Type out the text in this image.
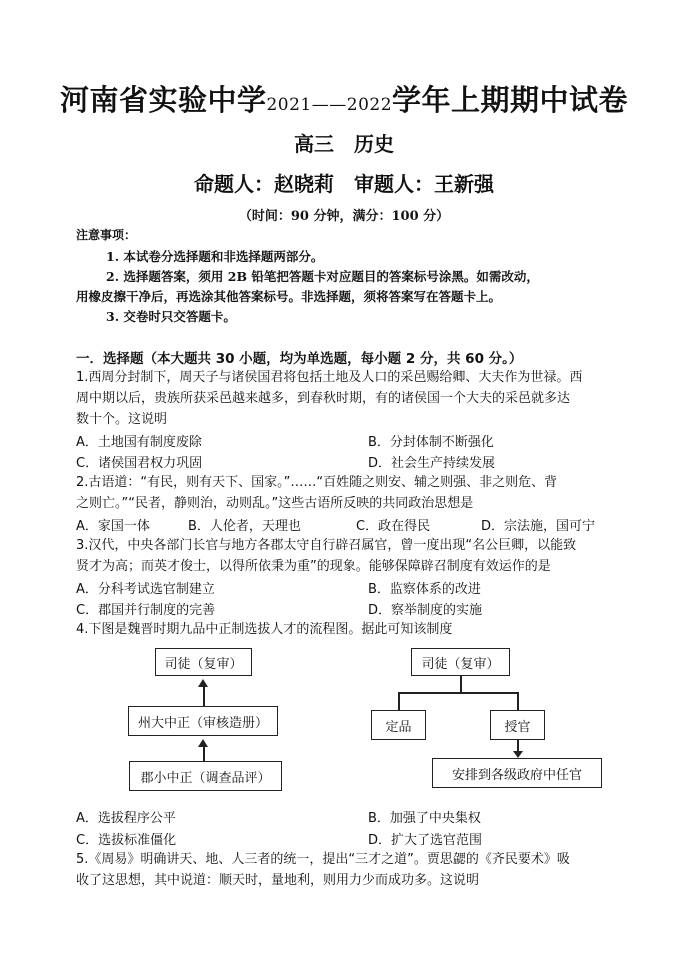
河南省实验中学2021——2022学年上期期中试卷
高三　历史
命题人：赵晓莉　审题人：王新强
（时间：90 分钟，满分：100 分）
注意事项：
1. 本试卷分选择题和非选择题两部分。
2. 选择题答案，须用 2B 铅笔把答题卡对应题目的答案标号涂黑。如需改动，
用橡皮擦干净后，再选涂其他答案标号。非选择题，须将答案写在答题卡上。
3. 交卷时只交答题卡。
一．选择题（本大题共 30 小题，均为单选题，每小题 2 分，共 60 分。）
1.西周分封制下，周天子与诸侯国君将包括土地及人口的采邑赐给卿、大夫作为世禄。西
周中期以后，贵族所获采邑越来越多，到春秋时期，有的诸侯国一个大夫的采邑就多达
数十个。这说明
A．土地国有制度废除	B．分封体制不断强化
C．诸侯国君权力巩固	D．社会生产持续发展
2.古语道：“有民，则有天下、国家。”……“百姓随之则安、辅之则强、非之则危、背
之则亡。”“民者，静则治，动则乱。”这些古语所反映的共同政治思想是
A．家国一体	B．人伦者，天理也	C．政在得民	D．宗法施，国可宁
3.汉代，中央各部门长官与地方各郡太守自行辟召属官，曾一度出现“名公巨卿，以能致
贤才为高；而英才俊士，以得所依秉为重”的现象。能够保障辟召制度有效运作的是
A．分科考试选官制建立	B．监察体系的改进
C．郡国并行制度的完善	D．察举制度的实施
4.下图是魏晋时期九品中正制选拔人才的流程图。据此可知该制度
司徒（复审）
州大中正（审核造册）
郡小中正（调查品评）
司徒（复审）
定品	授官
安排到各级政府中任官
A．选拔程序公平	B．加强了中央集权
C．选拔标准僵化	D．扩大了选官范围
5.《周易》明确讲天、地、人三者的统一，提出“三才之道”。贾思勰的《齐民要术》吸
收了这思想，其中说道：顺天时，量地利，则用力少而成功多。这说明
